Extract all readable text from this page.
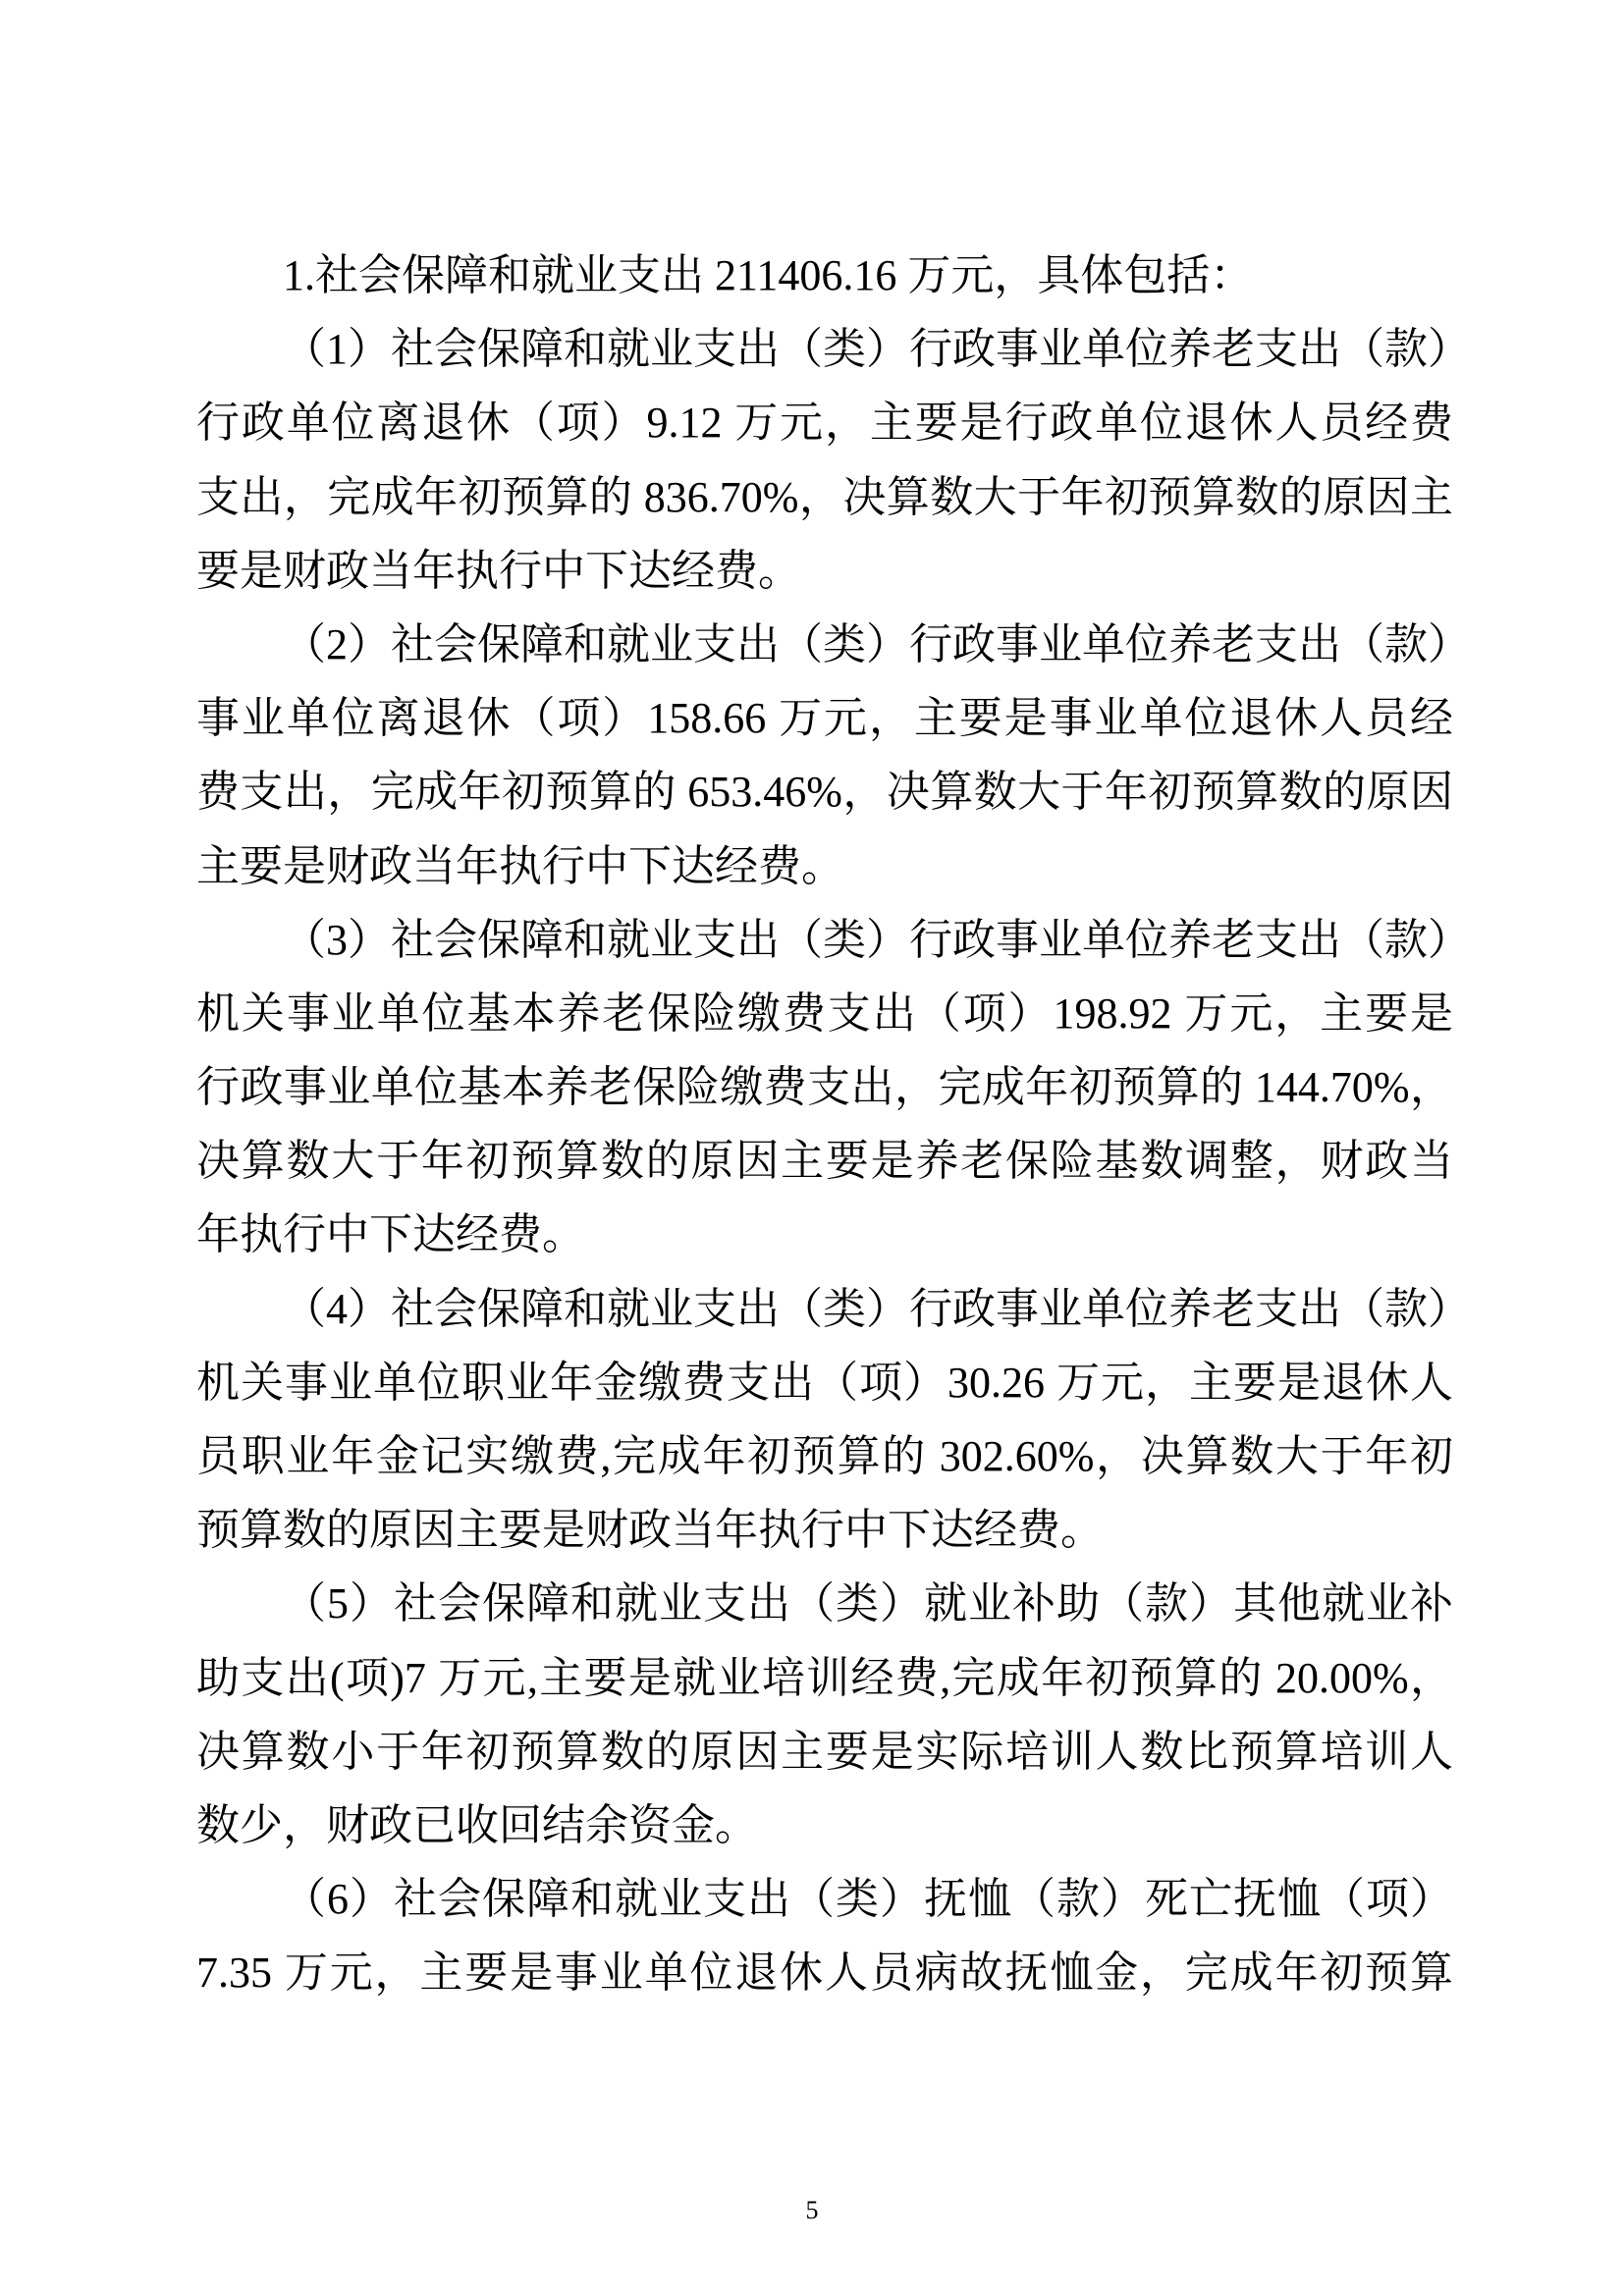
1.社会保障和就业支出 211406.16 万元，具体包括：
（1）社会保障和就业支出（类）行政事业单位养老支出（款）
行政单位离退休（项）9.12 万元，主要是行政单位退休人员经费
支出，完成年初预算的 836.70%，决算数大于年初预算数的原因主
要是财政当年执行中下达经费。
（2）社会保障和就业支出（类）行政事业单位养老支出（款）
事业单位离退休（项）158.66 万元，主要是事业单位退休人员经
费支出，完成年初预算的 653.46%，决算数大于年初预算数的原因
主要是财政当年执行中下达经费。
（3）社会保障和就业支出（类）行政事业单位养老支出（款）
机关事业单位基本养老保险缴费支出（项）198.92 万元，主要是
行政事业单位基本养老保险缴费支出，完成年初预算的 144.70%，
决算数大于年初预算数的原因主要是养老保险基数调整，财政当
年执行中下达经费。
（4）社会保障和就业支出（类）行政事业单位养老支出（款）
机关事业单位职业年金缴费支出（项）30.26 万元，主要是退休人
员职业年金记实缴费,完成年初预算的 302.60%，决算数大于年初
预算数的原因主要是财政当年执行中下达经费。
（5）社会保障和就业支出（类）就业补助（款）其他就业补
助支出(项)7 万元,主要是就业培训经费,完成年初预算的 20.00%，
决算数小于年初预算数的原因主要是实际培训人数比预算培训人
数少，财政已收回结余资金。
（6）社会保障和就业支出（类）抚恤（款）死亡抚恤（项）
7.35 万元，主要是事业单位退休人员病故抚恤金，完成年初预算
5
